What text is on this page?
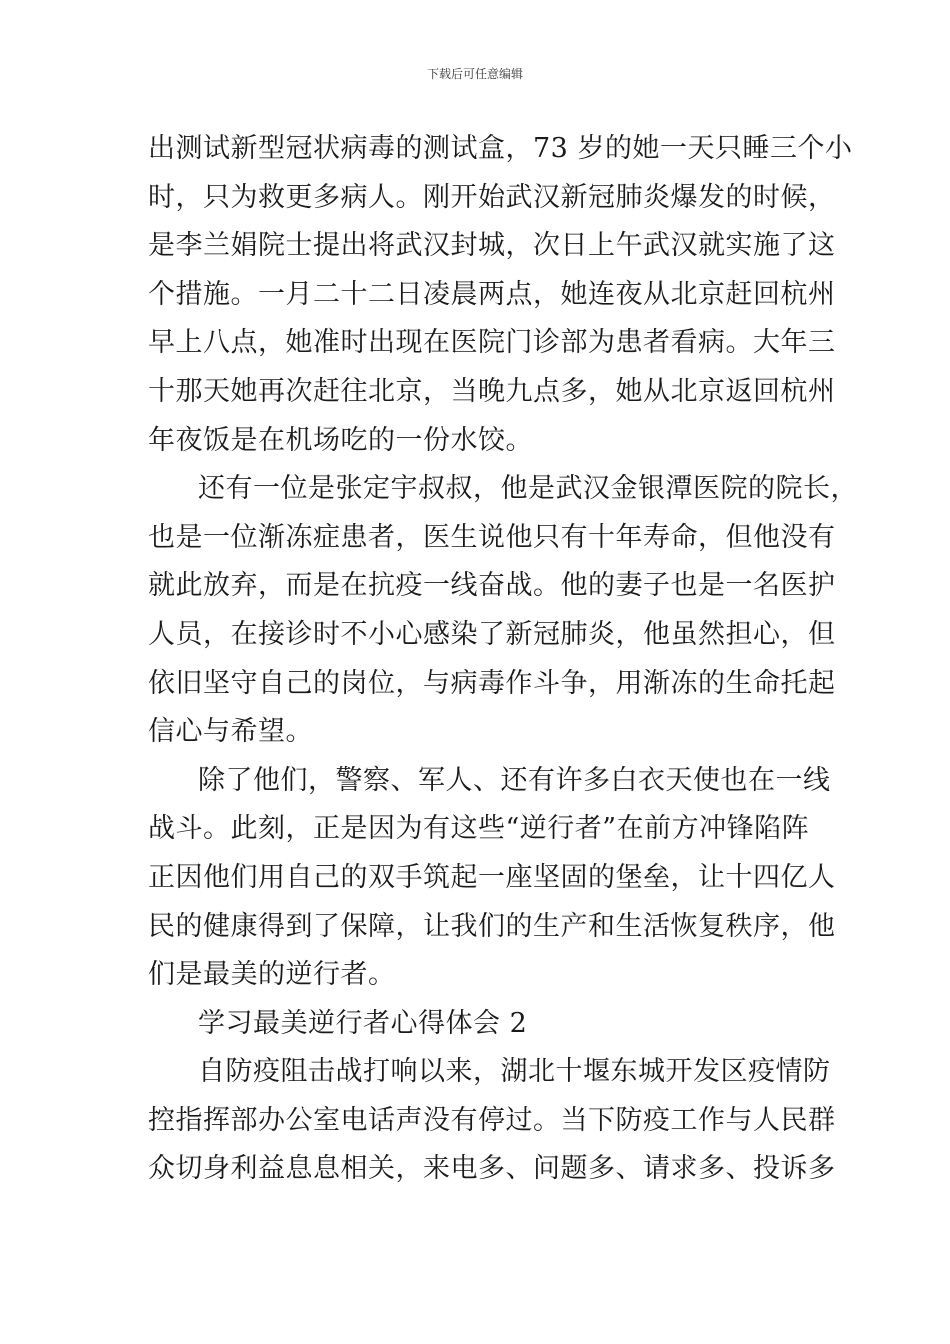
下载后可任意编辑
出测试新型冠状病毒的测试盒，73 岁的她一天只睡三个小
时，只为救更多病人。刚开始武汉新冠肺炎爆发的时候，
是李兰娟院士提出将武汉封城，次日上午武汉就实施了这
个措施。一月二十二日凌晨两点，她连夜从北京赶回杭州
早上八点，她准时出现在医院门诊部为患者看病。大年三
十那天她再次赶往北京，当晚九点多，她从北京返回杭州
年夜饭是在机场吃的一份水饺。
还有一位是张定宇叔叔，他是武汉金银潭医院的院长，
也是一位渐冻症患者，医生说他只有十年寿命，但他没有
就此放弃，而是在抗疫一线奋战。他的妻子也是一名医护
人员，在接诊时不小心感染了新冠肺炎，他虽然担心，但
依旧坚守自己的岗位，与病毒作斗争，用渐冻的生命托起
信心与希望。
除了他们，警察、军人、还有许多白衣天使也在一线
战斗。此刻，正是因为有这些“逆行者”在前方冲锋陷阵
正因他们用自己的双手筑起一座坚固的堡垒，让十四亿人
民的健康得到了保障，让我们的生产和生活恢复秩序，他
们是最美的逆行者。
学习最美逆行者心得体会 2
自防疫阻击战打响以来，湖北十堰东城开发区疫情防
控指挥部办公室电话声没有停过。当下防疫工作与人民群
众切身利益息息相关，来电多、问题多、请求多、投诉多
